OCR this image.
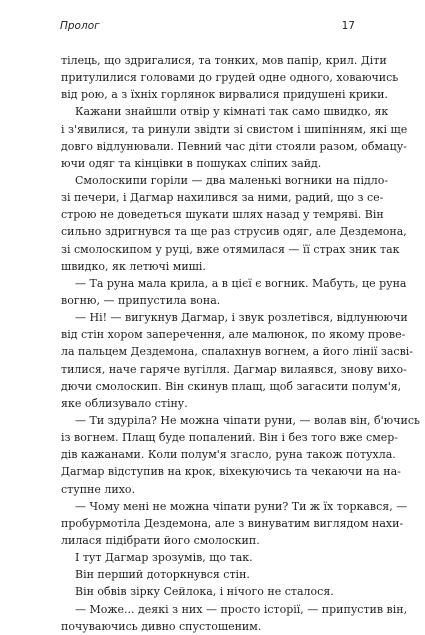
Пролог	17
тілець, що здригалися, та тонких, мов папір, крил. Діти
притулилися головами до грудей одне одного, ховаючись
від рою, а з їхніх горлянок вирвалися придушені крики.
Кажани знайшли отвір у кімнаті так само швидко, як
і з'явилися, та ринули звідти зі свистом і шипінням, які ще
довго відлунювали. Певний час діти стояли разом, обмацу-
ючи одяг та кінцівки в пошуках сліпих зайд.
Смолоскипи горіли — два маленькі вогники на підло-
зі печери, і Дагмар нахилився за ними, радий, що з се-
строю не доведеться шукати шлях назад у темряві. Він
сильно здригнувся та ще раз струсив одяг, але Дездемона,
зі смолоскипом у руці, вже отямилася — її страх зник так
швидко, як летючі миші.
— Та руна мала крила, а в цієї є вогник. Мабуть, це руна
вогню, — припустила вона.
— Ні! — вигукнув Дагмар, і звук розлетівся, відлунюючи
від стін хором заперечення, але малюнок, по якому прове-
ла пальцем Дездемона, спалахнув вогнем, а його лінії засві-
тилися, наче гаряче вугілля. Дагмар вилаявся, знову вихо-
дючи смолоскип. Він скинув плащ, щоб загасити полум'я,
яке облизувало стіну.
— Ти здуріла? Не можна чіпати руни, — волав він, б'ючись
із вогнем. Плащ буде попалений. Він і без того вже смер-
дів кажанами. Коли полум'я згасло, руна також потухла.
Дагмар відступив на крок, віхекуючись та чекаючи на на-
ступне лихо.
— Чому мені не можна чіпати руни? Ти ж їх торкався, —
пробурмотіла Дездемона, але з винуватим виглядом нахи-
лилася підібрати його смолоскип.
І тут Дагмар зрозумів, що так.
Він перший доторкнувся стін.
Він обвів зірку Сейлока, і нічого не сталося.
— Може... деякі з них — просто історії, — припустив він,
почуваючись дивно спустошеним.
